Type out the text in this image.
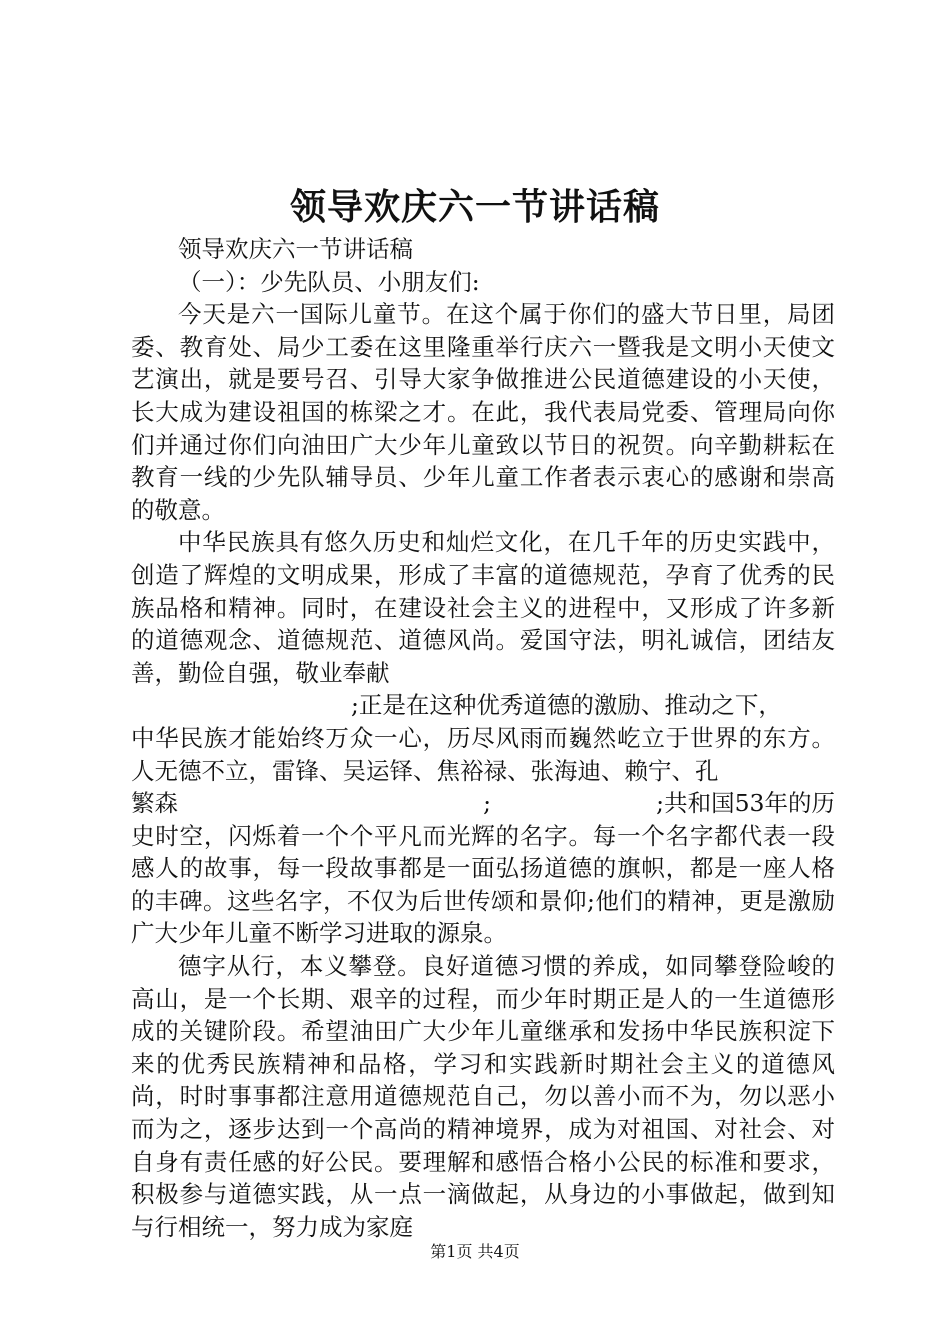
领导欢庆六一节讲话稿

领导欢庆六一节讲话稿

（一）：少先队员、小朋友们:

今天是六一国际儿童节。在这个属于你们的盛大节日里，局团委、教育处、局少工委在这里隆重举行庆六一暨我是文明小天使文艺演出，就是要号召、引导大家争做推进公民道德建设的小天使，长大成为建设祖国的栋梁之才。在此，我代表局党委、管理局向你们并通过你们向油田广大少年儿童致以节日的祝贺。向辛勤耕耘在教育一线的少先队辅导员、少年儿童工作者表示衷心的感谢和崇高的敬意。

中华民族具有悠久历史和灿烂文化，在几千年的历史实践中，创造了辉煌的文明成果，形成了丰富的道德规范，孕育了优秀的民族品格和精神。同时，在建设社会主义的进程中，又形成了许多新的道德观念、道德规范、道德风尚。爱国守法，明礼诚信，团结友善，勤俭自强，敬业奉献

;正是在这种优秀道德的激励、推动之下，

中华民族才能始终万众一心，历尽风雨而巍然屹立于世界的东方。人无德不立，雷锋、吴运铎、焦裕禄、张海迪、赖宁、孔

繁森	;	;共和国53年的历

史时空，闪烁着一个个平凡而光辉的名字。每一个名字都代表一段感人的故事，每一段故事都是一面弘扬道德的旗帜，都是一座人格的丰碑。这些名字，不仅为后世传颂和景仰;他们的精神，更是激励广大少年儿童不断学习进取的源泉。

德字从行，本义攀登。良好道德习惯的养成，如同攀登险峻的高山，是一个长期、艰辛的过程，而少年时期正是人的一生道德形成的关键阶段。希望油田广大少年儿童继承和发扬中华民族积淀下来的优秀民族精神和品格，学习和实践新时期社会主义的道德风尚，时时事事都注意用道德规范自己，勿以善小而不为，勿以恶小而为之，逐步达到一个高尚的精神境界，成为对祖国、对社会、对自身有责任感的好公民。要理解和感悟合格小公民的标准和要求，积极参与道德实践，从一点一滴做起，从身边的小事做起，做到知与行相统一，努力成为家庭

第1页 共4页
